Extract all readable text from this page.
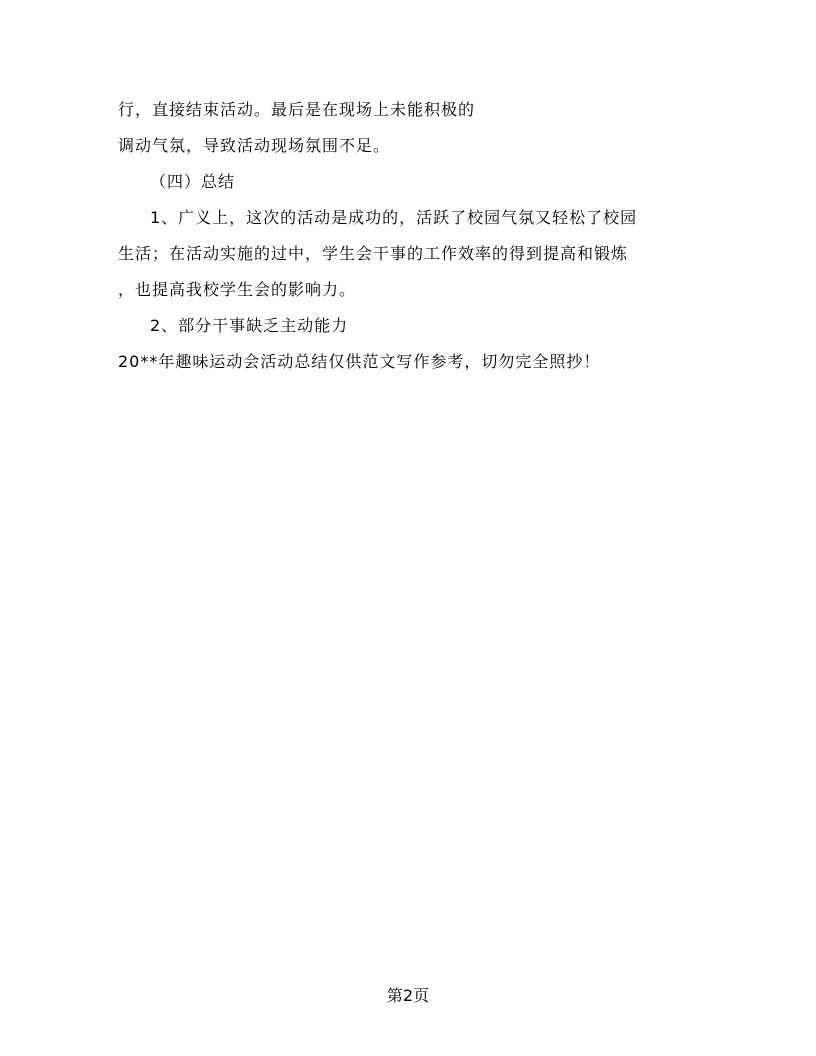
行，直接结束活动。最后是在现场上未能积极的
调动气氛，导致活动现场氛围不足。
（四）总结
1、广义上，这次的活动是成功的，活跃了校园气氛又轻松了校园
生活；在活动实施的过中，学生会干事的工作效率的得到提高和锻炼
，也提高我校学生会的影响力。
2、部分干事缺乏主动能力
20**年趣味运动会活动总结仅供范文写作参考，切勿完全照抄！
第2页
